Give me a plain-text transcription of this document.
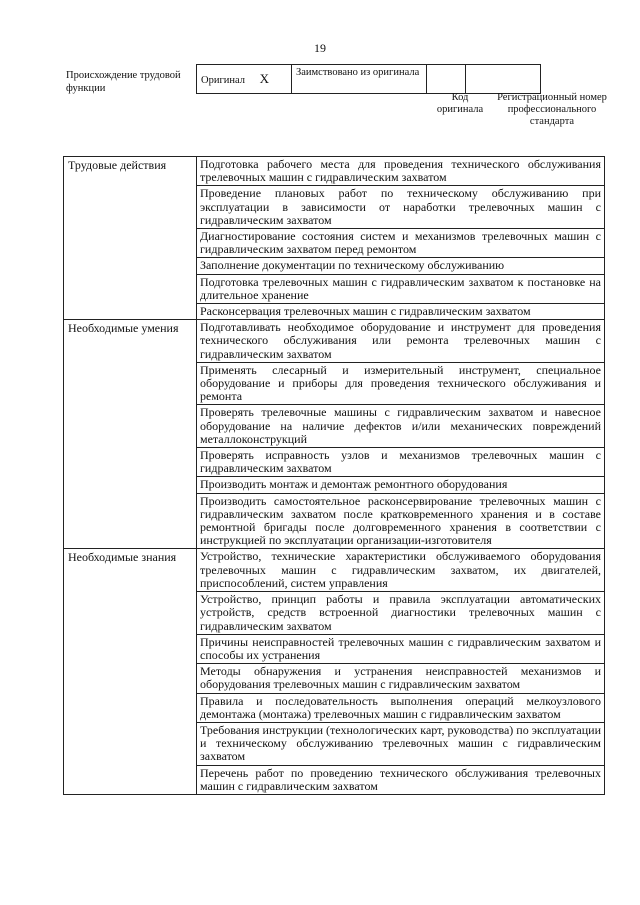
19
Происхождение трудовой функции
Оригинал X	Заимствовано из оригинала		
Код оригинала
Регистрационный номер профессионального стандарта
Трудовые действия	Подготовка рабочего места для проведения технического обслуживания трелевочных машин с гидравлическим захватом
	Проведение плановых работ по техническому обслуживанию при эксплуатации в зависимости от наработки трелевочных машин с гидравлическим захватом
	Диагностирование состояния систем и механизмов трелевочных машин с гидравлическим захватом перед ремонтом
	Заполнение документации по техническому обслуживанию
	Подготовка трелевочных машин с гидравлическим захватом к постановке на длительное хранение
	Расконсервация трелевочных машин с гидравлическим захватом
Необходимые умения	Подготавливать необходимое оборудование и инструмент для проведения технического обслуживания или ремонта трелевочных машин с гидравлическим захватом
	Применять слесарный и измерительный инструмент, специальное оборудование и приборы для проведения технического обслуживания и ремонта
	Проверять трелевочные машины с гидравлическим захватом и навесное оборудование на наличие дефектов и/или механических повреждений металлоконструкций
	Проверять исправность узлов и механизмов трелевочных машин с гидравлическим захватом
	Производить монтаж и демонтаж ремонтного оборудования
	Производить самостоятельное расконсервирование трелевочных машин с гидравлическим захватом после кратковременного хранения и в составе ремонтной бригады после долговременного хранения в соответствии с инструкцией по эксплуатации организации-изготовителя
Необходимые знания	Устройство, технические характеристики обслуживаемого оборудования трелевочных машин с гидравлическим захватом, их двигателей, приспособлений, систем управления
	Устройство, принцип работы и правила эксплуатации автоматических устройств, средств встроенной диагностики трелевочных машин с гидравлическим захватом
	Причины неисправностей трелевочных машин с гидравлическим захватом и способы их устранения
	Методы обнаружения и устранения неисправностей механизмов и оборудования трелевочных машин с гидравлическим захватом
	Правила и последовательность выполнения операций мелкоузлового демонтажа (монтажа) трелевочных машин с гидравлическим захватом
	Требования инструкции (технологических карт, руководства) по эксплуатации и техническому обслуживанию трелевочных машин с гидравлическим захватом
	Перечень работ по проведению технического обслуживания трелевочных машин с гидравлическим захватом
